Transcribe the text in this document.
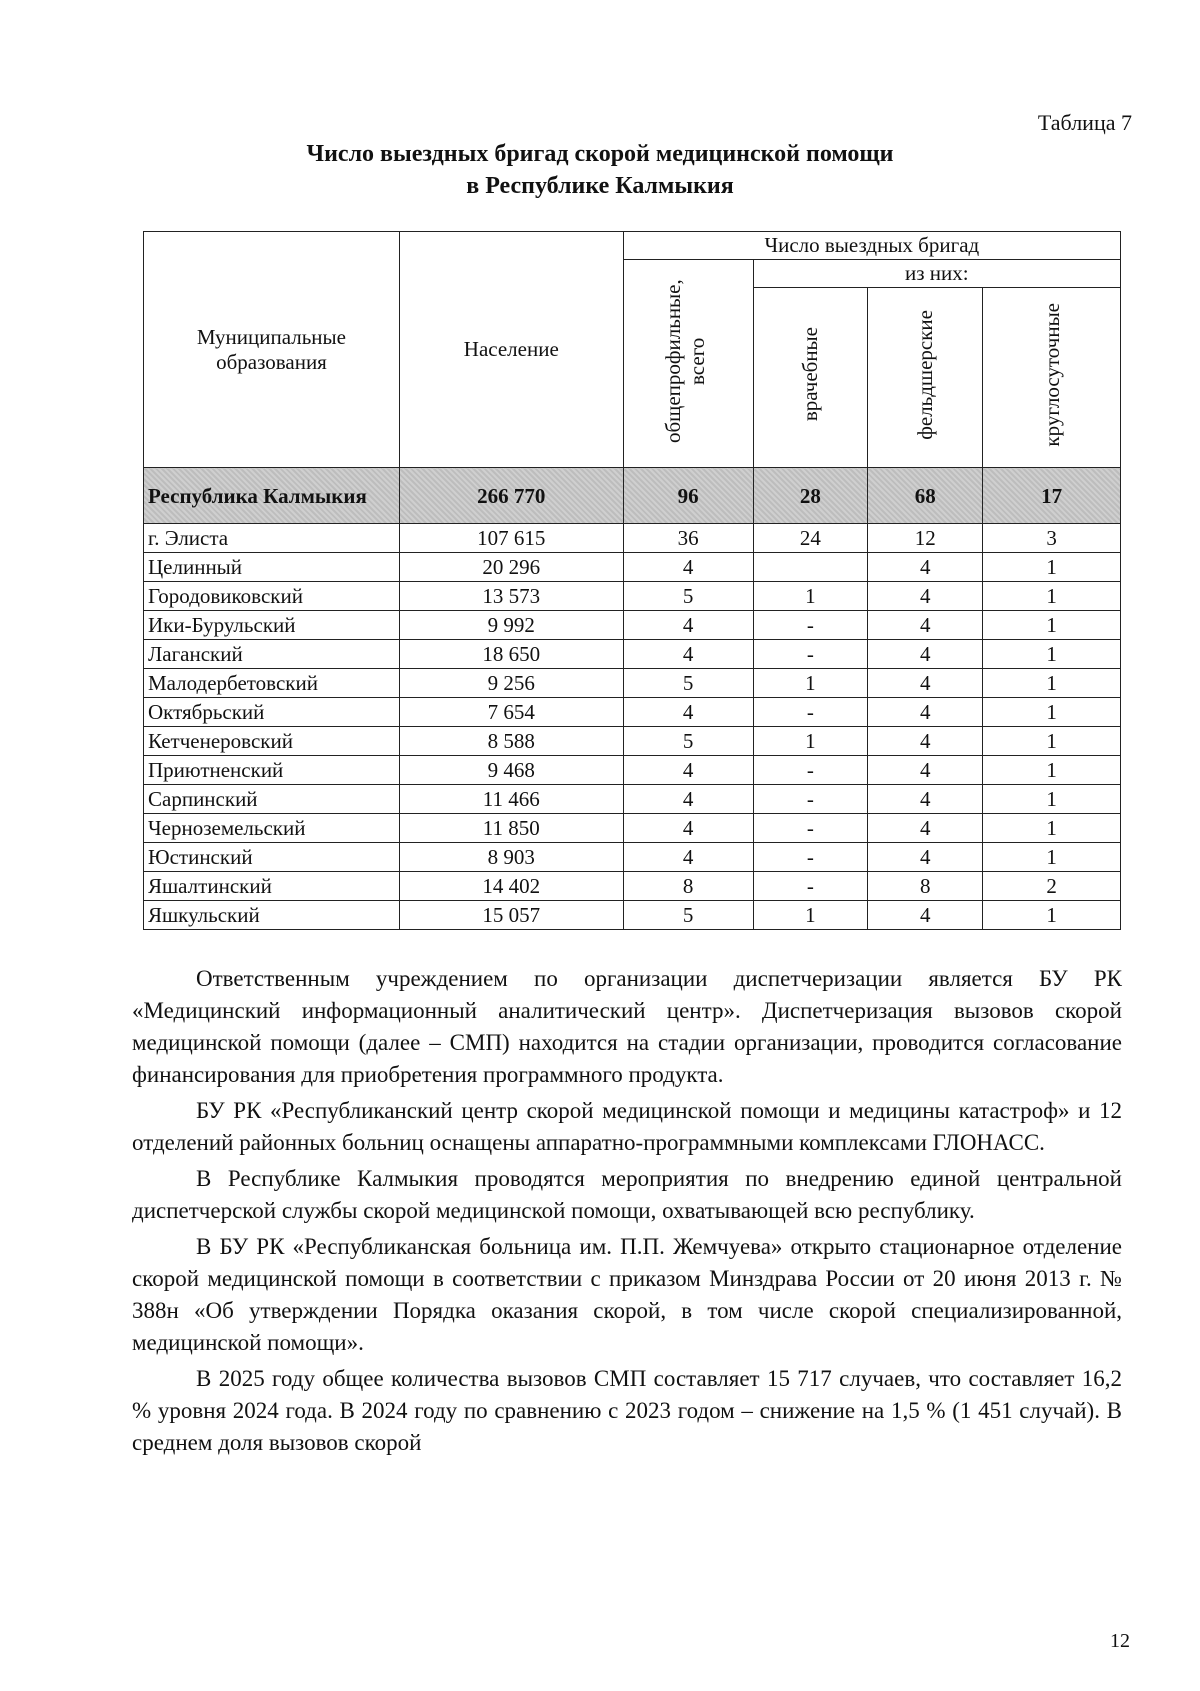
Таблица 7
Число выездных бригад скорой медицинской помощи
в Республике Калмыкия
Муниципальные образования	Население	Число выездных бригад			
		общепрофильные, всего	из них:		
			врачебные	фельдшерские	круглосуточные
Республика Калмыкия	266 770	96	28	68	17
г. Элиста	107 615	36	24	12	3
Целинный	20 296	4		4	1
Городовиковский	13 573	5	1	4	1
Ики-Бурульский	9 992	4	-	4	1
Лаганский	18 650	4	-	4	1
Малодербетовский	9 256	5	1	4	1
Октябрьский	7 654	4	-	4	1
Кетченеровский	8 588	5	1	4	1
Приютненский	9 468	4	-	4	1
Сарпинский	11 466	4	-	4	1
Черноземельский	11 850	4	-	4	1
Юстинский	8 903	4	-	4	1
Яшалтинский	14 402	8	-	8	2
Яшкульский	15 057	5	1	4	1

Ответственным учреждением по организации диспетчеризации является БУ РК «Медицинский информационный аналитический центр». Диспетчеризация вызовов скорой медицинской помощи (далее – СМП) находится на стадии организации, проводится согласование финансирования для приобретения программного продукта.

БУ РК «Республиканский центр скорой медицинской помощи и медицины катастроф» и 12 отделений районных больниц оснащены аппаратно-программными комплексами ГЛОНАСС.

В Республике Калмыкия проводятся мероприятия по внедрению единой центральной диспетчерской службы скорой медицинской помощи, охватывающей всю республику.

В БУ РК «Республиканская больница им. П.П. Жемчуева» открыто стационарное отделение скорой медицинской помощи в соответствии с приказом Минздрава России от 20 июня 2013 г. № 388н «Об утверждении Порядка оказания скорой, в том числе скорой специализированной, медицинской помощи».

В 2025 году общее количества вызовов СМП составляет 15 717 случаев, что составляет 16,2 % уровня 2024 года. В 2024 году по сравнению с 2023 годом – снижение на 1,5 % (1 451 случай). В среднем доля вызовов скорой

12
